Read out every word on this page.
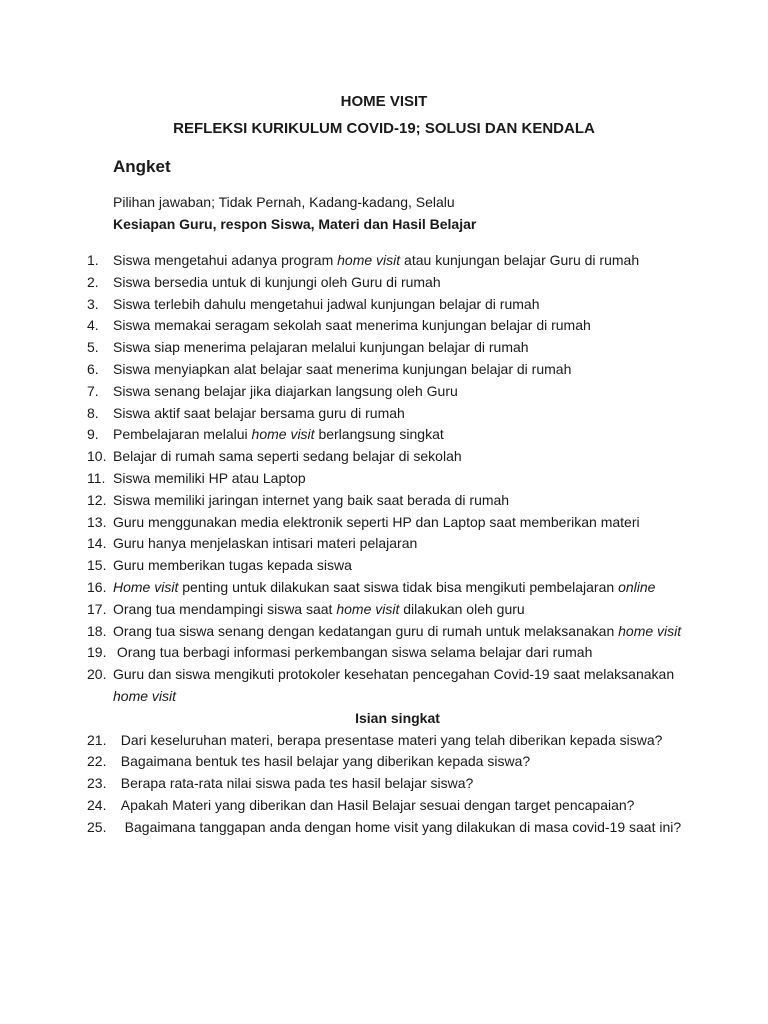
HOME VISIT
REFLEKSI KURIKULUM COVID-19; SOLUSI DAN KENDALA
Angket
Pilihan jawaban; Tidak Pernah, Kadang-kadang, Selalu
Kesiapan Guru, respon Siswa, Materi dan Hasil Belajar
1.	Siswa mengetahui adanya program home visit atau kunjungan belajar Guru di rumah
2.	Siswa bersedia untuk di kunjungi oleh Guru di rumah
3.	Siswa terlebih dahulu mengetahui jadwal kunjungan belajar di rumah
4.	Siswa memakai seragam sekolah saat menerima kunjungan belajar di rumah
5.	Siswa siap menerima pelajaran melalui kunjungan belajar di rumah
6.	Siswa menyiapkan alat belajar saat menerima kunjungan belajar di rumah
7.	Siswa senang belajar jika diajarkan langsung oleh Guru
8.	Siswa aktif saat belajar bersama guru di rumah
9.	Pembelajaran melalui home visit berlangsung singkat
10. Belajar di rumah sama seperti sedang belajar di sekolah
11. Siswa memiliki HP atau Laptop
12. Siswa memiliki jaringan internet yang baik saat berada di rumah
13. Guru menggunakan media elektronik seperti HP dan Laptop saat memberikan materi
14. Guru hanya menjelaskan intisari materi pelajaran
15. Guru memberikan tugas kepada siswa
16. Home visit penting untuk dilakukan saat siswa tidak bisa mengikuti pembelajaran online
17. Orang tua mendampingi siswa saat home visit dilakukan oleh guru
18. Orang tua siswa senang dengan kedatangan guru di rumah untuk melaksanakan home visit
19. Orang tua berbagi informasi perkembangan siswa selama belajar dari rumah
20. Guru dan siswa mengikuti protokoler kesehatan pencegahan Covid-19 saat melaksanakan home visit
Isian singkat
21. Dari keseluruhan materi, berapa presentase materi yang telah diberikan kepada siswa?
22. Bagaimana bentuk tes hasil belajar yang diberikan kepada siswa?
23. Berapa rata-rata nilai siswa pada tes hasil belajar siswa?
24. Apakah Materi yang diberikan dan Hasil Belajar sesuai dengan target pencapaian?
25. Bagaimana tanggapan anda dengan home visit yang dilakukan di masa covid-19 saat ini?
